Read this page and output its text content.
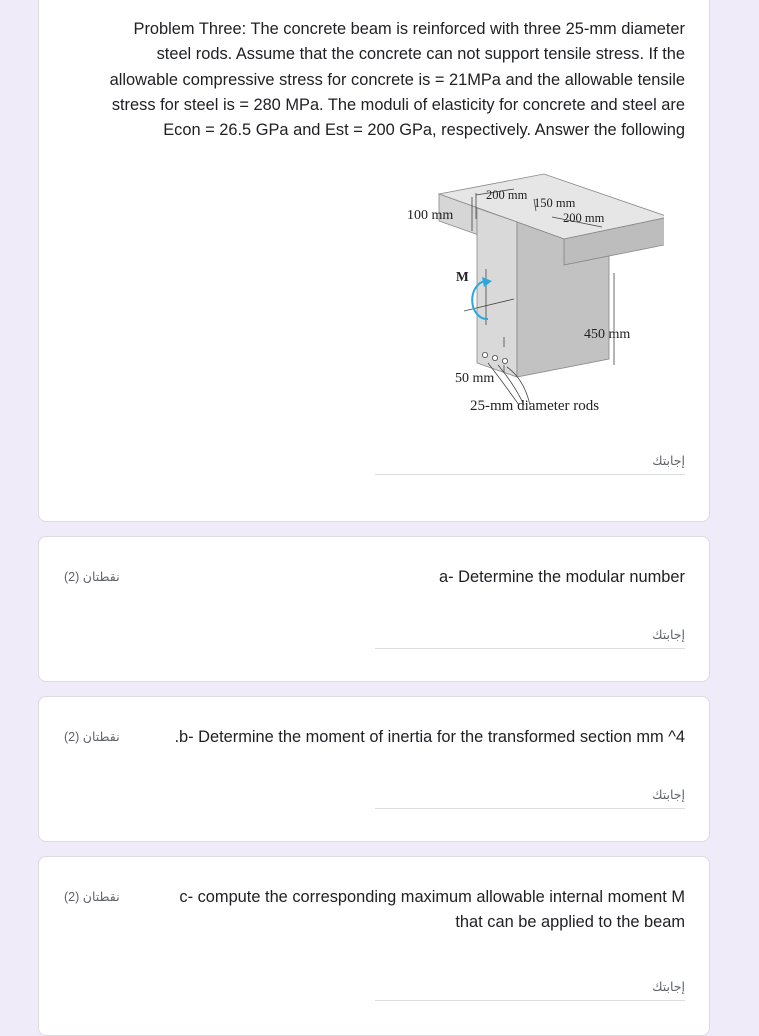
Problem Three: The concrete beam is reinforced with three 25-mm diameter
steel rods. Assume that the concrete can not support tensile stress. If the
allowable compressive stress for concrete is = 21MPa and the allowable tensile
stress for steel is = 280 MPa. The moduli of elasticity for concrete and steel are
Econ = 26.5 GPa and Est = 200 GPa, respectively. Answer the following
200 mm
150 mm
200 mm
100 mm
M
450 mm
50 mm
25-mm diameter rods
إجابتك
نقطتان (2)	a- Determine the modular number
إجابتك
نقطتان (2)	.b- Determine the moment of inertia for the transformed section mm ^4
إجابتك
نقطتان (2)	c- compute the corresponding maximum allowable internal moment M
that can be applied to the beam
إجابتك
